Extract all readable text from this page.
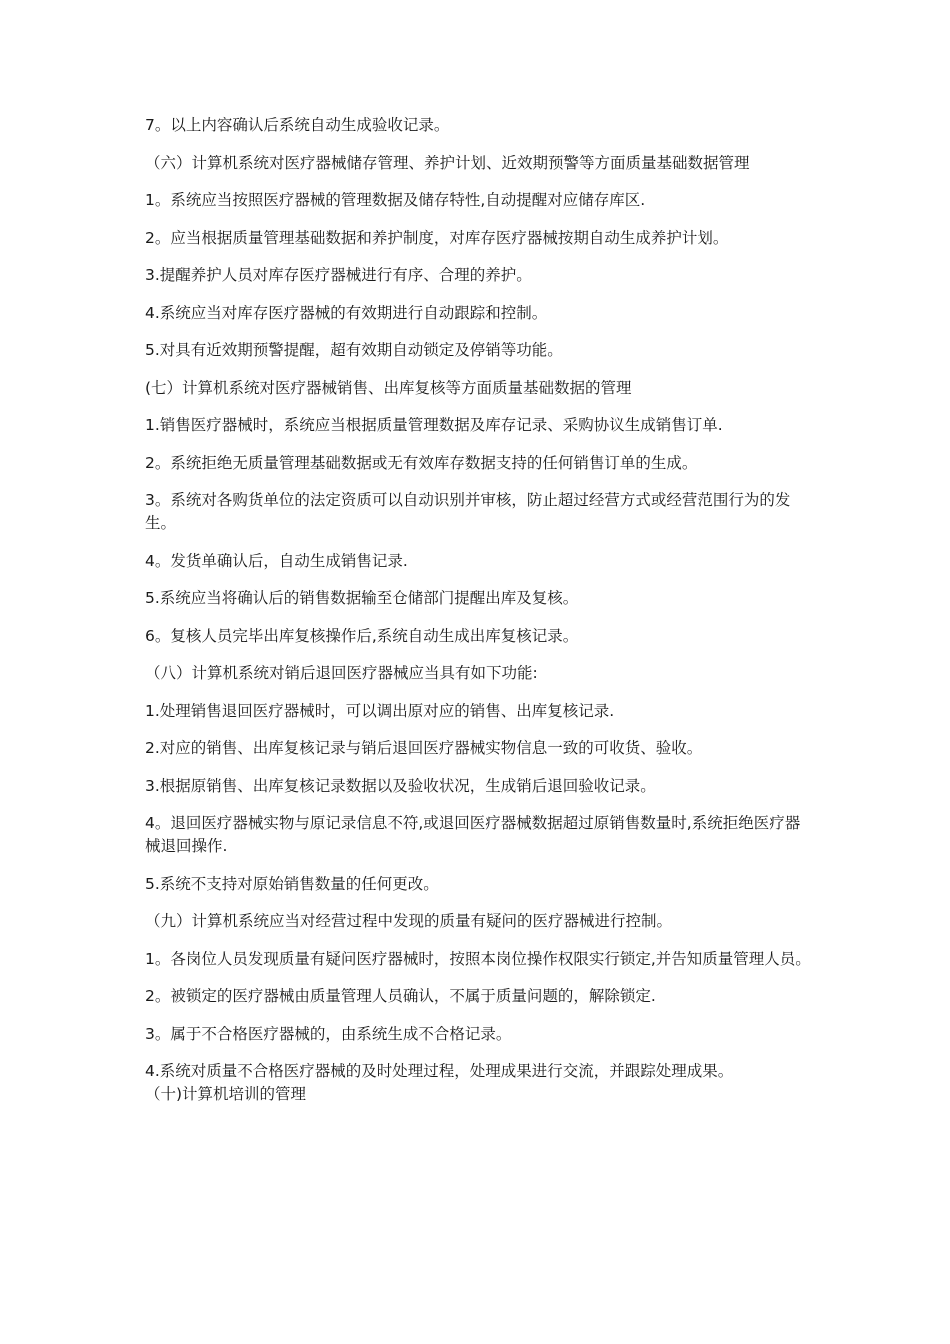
7。以上内容确认后系统自动生成验收记录。

（六）计算机系统对医疗器械储存管理、养护计划、近效期预警等方面质量基础数据管理

1。系统应当按照医疗器械的管理数据及储存特性,自动提醒对应储存库区.

2。应当根据质量管理基础数据和养护制度，对库存医疗器械按期自动生成养护计划。

3.提醒养护人员对库存医疗器械进行有序、合理的养护。

4.系统应当对库存医疗器械的有效期进行自动跟踪和控制。

5.对具有近效期预警提醒，超有效期自动锁定及停销等功能。

(七）计算机系统对医疗器械销售、出库复核等方面质量基础数据的管理

1.销售医疗器械时，系统应当根据质量管理数据及库存记录、采购协议生成销售订单.

2。系统拒绝无质量管理基础数据或无有效库存数据支持的任何销售订单的生成。

3。系统对各购货单位的法定资质可以自动识别并审核，防止超过经营方式或经营范围行为的发生。

4。发货单确认后，自动生成销售记录.

5.系统应当将确认后的销售数据输至仓储部门提醒出库及复核。

6。复核人员完毕出库复核操作后,系统自动生成出库复核记录。

（八）计算机系统对销后退回医疗器械应当具有如下功能:

1.处理销售退回医疗器械时，可以调出原对应的销售、出库复核记录.

2.对应的销售、出库复核记录与销后退回医疗器械实物信息一致的可收货、验收。

3.根据原销售、出库复核记录数据以及验收状况，生成销后退回验收记录。

4。退回医疗器械实物与原记录信息不符,或退回医疗器械数据超过原销售数量时,系统拒绝医疗器械退回操作.

5.系统不支持对原始销售数量的任何更改。

（九）计算机系统应当对经营过程中发现的质量有疑问的医疗器械进行控制。

1。各岗位人员发现质量有疑问医疗器械时，按照本岗位操作权限实行锁定,并告知质量管理人员。

2。被锁定的医疗器械由质量管理人员确认，不属于质量问题的，解除锁定.

3。属于不合格医疗器械的，由系统生成不合格记录。

4.系统对质量不合格医疗器械的及时处理过程，处理成果进行交流，并跟踪处理成果。

（十)计算机培训的管理
